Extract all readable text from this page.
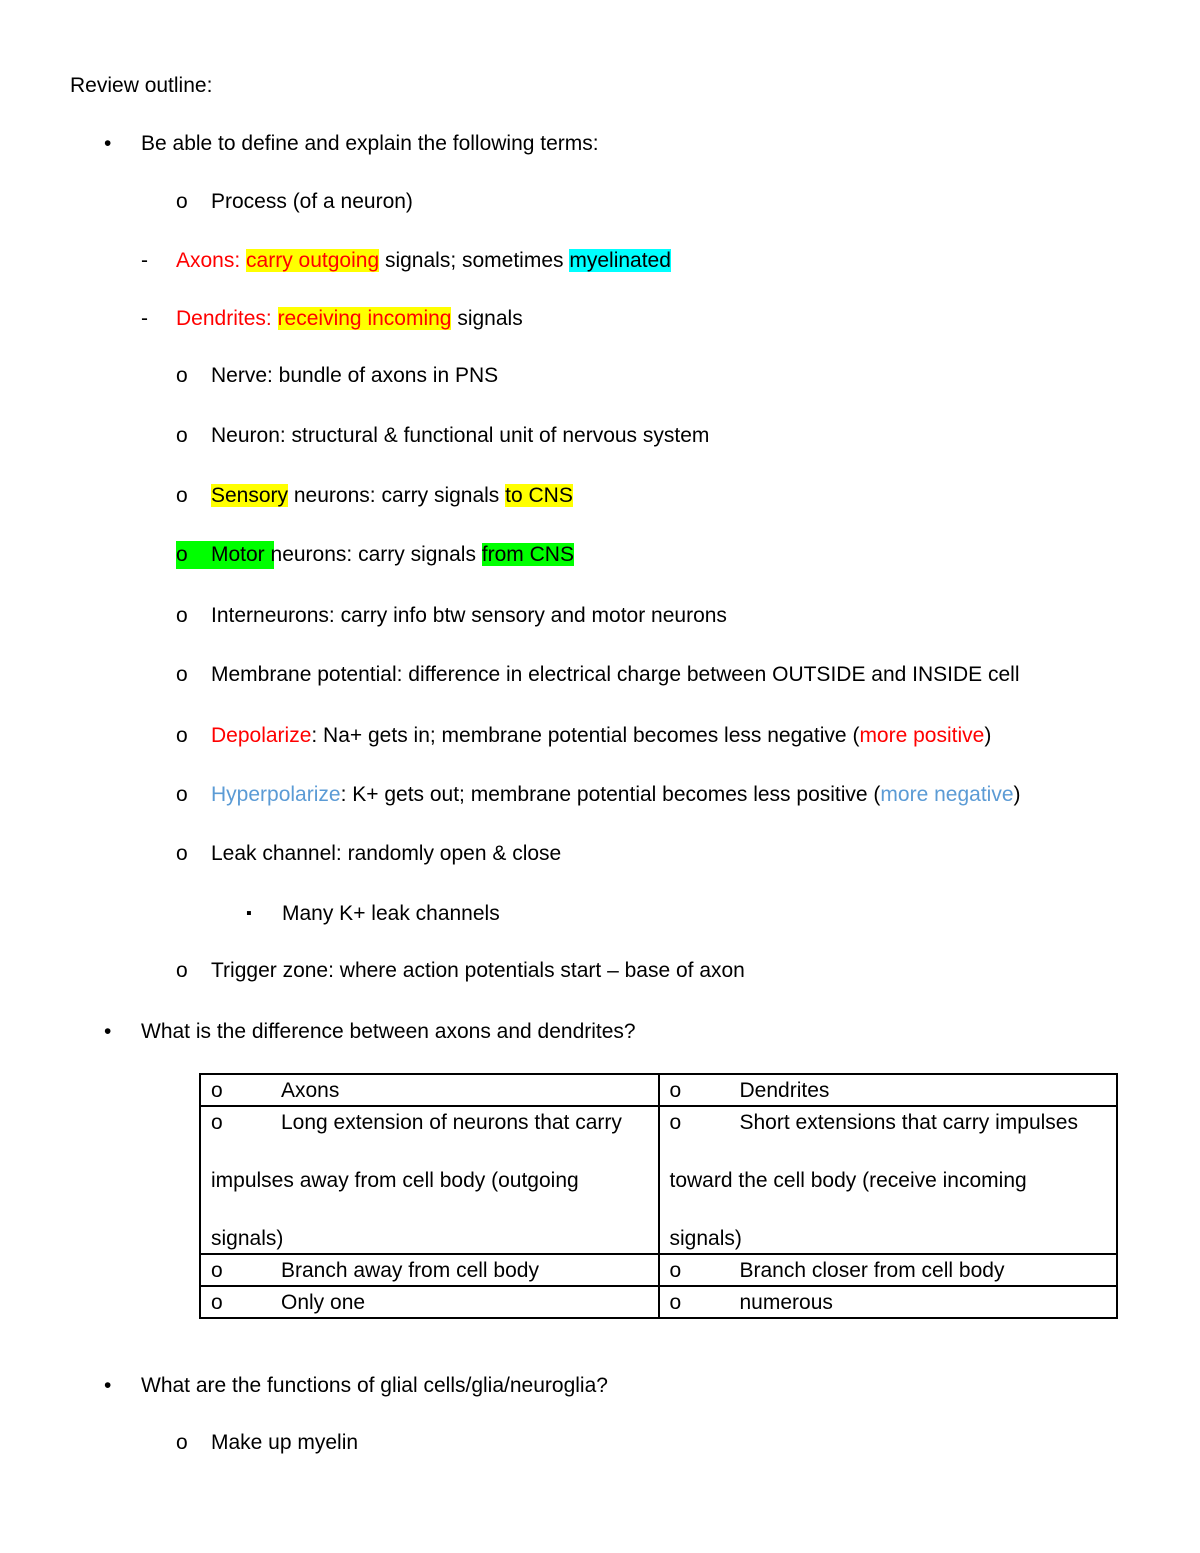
Review outline:
• Be able to define and explain the following terms:
o Process (of a neuron)
- Axons: carry outgoing signals; sometimes myelinated
- Dendrites: receiving incoming signals
o Nerve: bundle of axons in PNS
o Neuron: structural & functional unit of nervous system
o Sensory neurons: carry signals to CNS
o Motor neurons: carry signals from CNS
o Interneurons: carry info btw sensory and motor neurons
o Membrane potential: difference in electrical charge between OUTSIDE and INSIDE cell
o Depolarize: Na+ gets in; membrane potential becomes less negative (more positive)
o Hyperpolarize: K+ gets out; membrane potential becomes less positive (more negative)
o Leak channel: randomly open & close
▪ Many K+ leak channels
o Trigger zone: where action potentials start – base of axon
• What is the difference between axons and dendrites?
o Axons	o Dendrites
o Long extension of neurons that carry
impulses away from cell body (outgoing
signals)	o Short extensions that carry impulses
toward the cell body (receive incoming
signals)

o Branch away from cell body	o Branch closer from cell body
o Only one	o numerous
• What are the functions of glial cells/glia/neuroglia?
o Make up myelin
